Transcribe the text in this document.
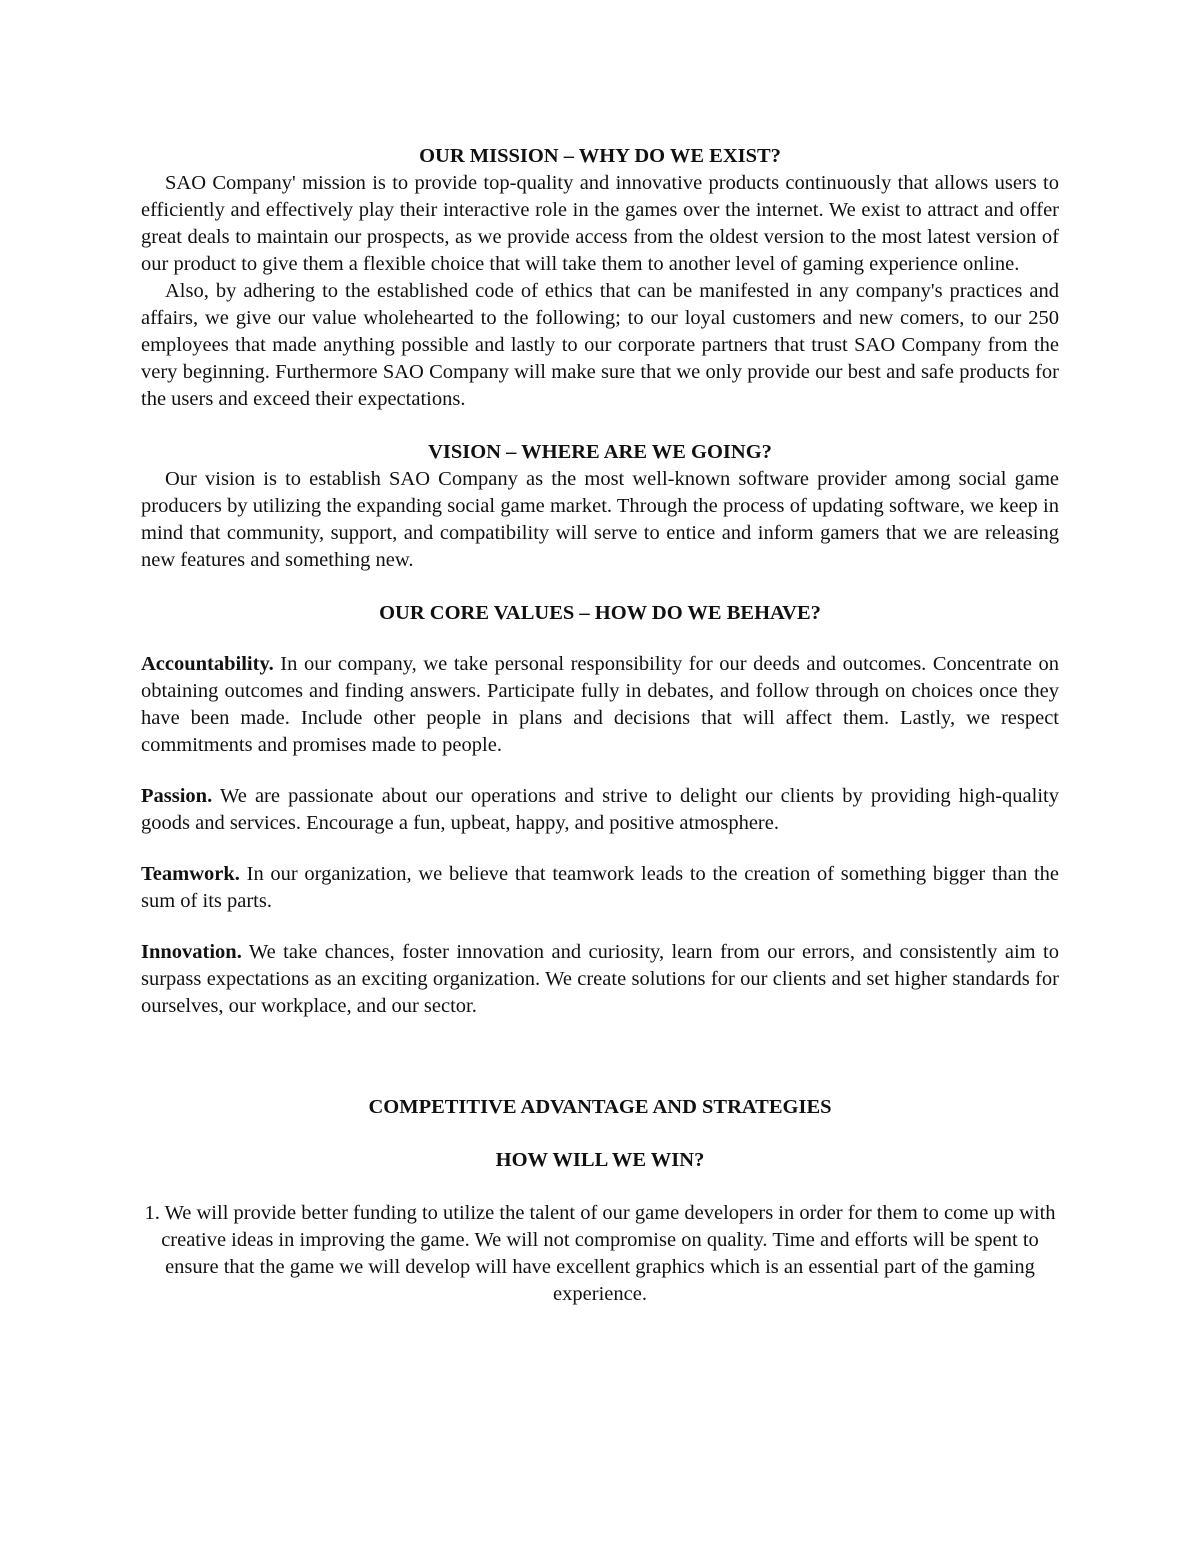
OUR MISSION – WHY DO WE EXIST?

SAO Company' mission is to provide top-quality and innovative products continuously that allows users to efficiently and effectively play their interactive role in the games over the internet. We exist to attract and offer great deals to maintain our prospects, as we provide access from the oldest version to the most latest version of our product to give them a flexible choice that will take them to another level of gaming experience online.

Also, by adhering to the established code of ethics that can be manifested in any company's practices and affairs, we give our value wholehearted to the following; to our loyal customers and new comers, to our 250 employees that made anything possible and lastly to our corporate partners that trust SAO Company from the very beginning. Furthermore SAO Company will make sure that we only provide our best and safe products for the users and exceed their expectations.

VISION – WHERE ARE WE GOING?

Our vision is to establish SAO Company as the most well-known software provider among social game producers by utilizing the expanding social game market. Through the process of updating software, we keep in mind that community, support, and compatibility will serve to entice and inform gamers that we are releasing new features and something new.

OUR CORE VALUES – HOW DO WE BEHAVE?

Accountability. In our company, we take personal responsibility for our deeds and outcomes. Concentrate on obtaining outcomes and finding answers. Participate fully in debates, and follow through on choices once they have been made. Include other people in plans and decisions that will affect them. Lastly, we respect commitments and promises made to people.

Passion. We are passionate about our operations and strive to delight our clients by providing high-quality goods and services. Encourage a fun, upbeat, happy, and positive atmosphere.

Teamwork. In our organization, we believe that teamwork leads to the creation of something bigger than the sum of its parts.

Innovation. We take chances, foster innovation and curiosity, learn from our errors, and consistently aim to surpass expectations as an exciting organization. We create solutions for our clients and set higher standards for ourselves, our workplace, and our sector.

COMPETITIVE ADVANTAGE AND STRATEGIES

HOW WILL WE WIN?

1. We will provide better funding to utilize the talent of our game developers in order for them to come up with creative ideas in improving the game. We will not compromise on quality. Time and efforts will be spent to ensure that the game we will develop will have excellent graphics which is an essential part of the gaming experience.
